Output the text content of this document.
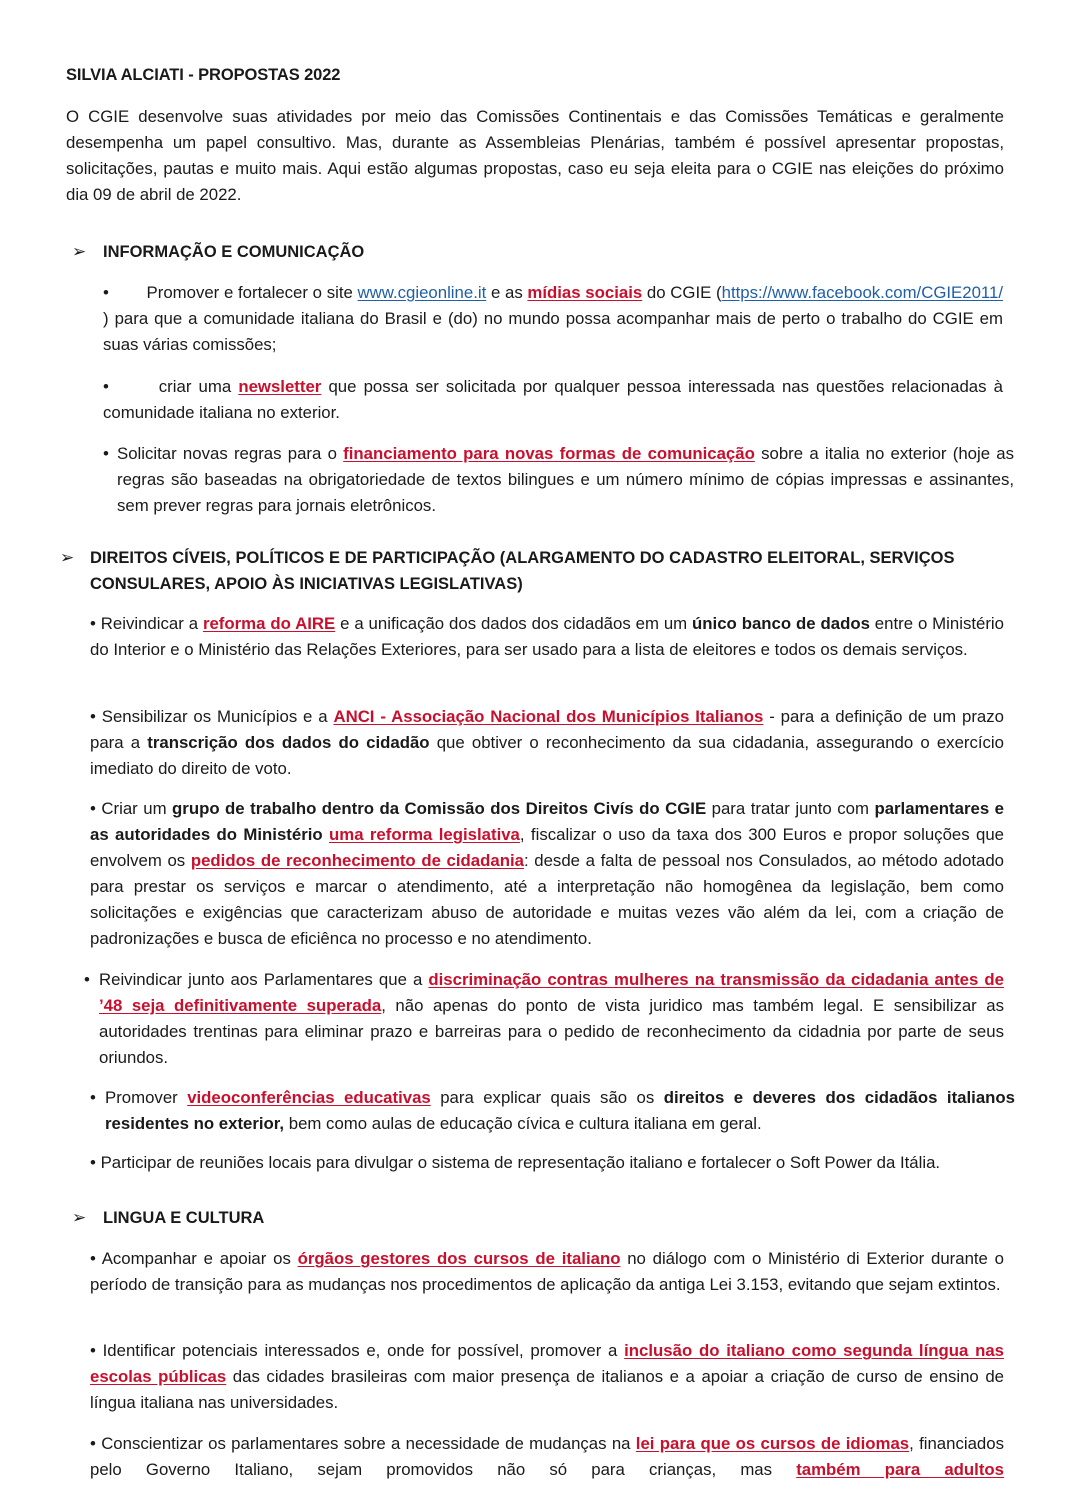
SILVIA ALCIATI - PROPOSTAS 2022
O CGIE desenvolve suas atividades por meio das Comissões Continentais e das Comissões Temáticas e geralmente desempenha um papel consultivo. Mas, durante as Assembleias Plenárias, também é possível apresentar propostas, solicitações, pautas e muito mais. Aqui estão algumas propostas, caso eu seja eleita para o CGIE nas eleições do próximo dia 09 de abril de 2022.
➢ INFORMAÇÃO E COMUNICAÇÃO
• Promover e fortalecer o site www.cgieonline.it e as mídias sociais do CGIE (https://www.facebook.com/CGIE2011/ ) para que a comunidade italiana do Brasil e (do) no mundo possa acompanhar mais de perto o trabalho do CGIE em suas várias comissões;
•	criar uma newsletter que possa ser solicitada por qualquer pessoa interessada nas questões relacionadas à comunidade italiana no exterior.
• Solicitar novas regras para o financiamento para novas formas de comunicação sobre a italia no exterior (hoje as regras são baseadas na obrigatoriedade de textos bilingues e um número mínimo de cópias impressas e assinantes, sem prever regras para jornais eletrônicos.
➢ DIREITOS CÍVEIS, POLÍTICOS E DE PARTICIPAÇÃO (ALARGAMENTO DO CADASTRO ELEITORAL, SERVIÇOS
CONSULARES, APOIO ÀS INICIATIVAS LEGISLATIVAS)
• Reivindicar a reforma do AIRE e a unificação dos dados dos cidadãos em um único banco de dados entre o Ministério do Interior e o Ministério das Relações Exteriores, para ser usado para a lista de eleitores e todos os demais serviços.
• Sensibilizar os Municípios e a ANCI - Associação Nacional dos Municípios Italianos - para a definição de um prazo para a transcrição dos dados do cidadão que obtiver o reconhecimento da sua cidadania, assegurando o exercício imediato do direito de voto.
• Criar um grupo de trabalho dentro da Comissão dos Direitos Civís do CGIE para tratar junto com parlamentares e as autoridades do Ministério uma reforma legislativa, fiscalizar o uso da taxa dos 300 Euros e propor soluções que envolvem os pedidos de reconhecimento de cidadania: desde a falta de pessoal nos Consulados, ao método adotado para prestar os serviços e marcar o atendimento, até a interpretação não homogênea da legislação, bem como solicitações e exigências que caracterizam abuso de autoridade e muitas vezes vão além da lei, com a criação de padronizações e busca de eficiênca no processo e no atendimento.
• Reivindicar junto aos Parlamentares que a discriminação contras mulheres na transmissão da cidadania antes de ’48 seja definitivamente superada, não apenas do ponto de vista juridico mas também legal. E sensibilizar as autoridades trentinas para eliminar prazo e barreiras para o pedido de reconhecimento da cidadnia por parte de seus oriundos.
• Promover videoconferências educativas para explicar quais são os direitos e deveres dos cidadãos italianos residentes no exterior, bem como aulas de educação cívica e cultura italiana em geral.
• Participar de reuniões locais para divulgar o sistema de representação italiano e fortalecer o Soft Power da Itália.
➢ LINGUA E CULTURA
• Acompanhar e apoiar os órgãos gestores dos cursos de italiano no diálogo com o Ministério di Exterior durante o período de transição para as mudanças nos procedimentos de aplicação da antiga Lei 3.153, evitando que sejam extintos.
• Identificar potenciais interessados e, onde for possível, promover a inclusão do italiano como segunda língua nas escolas públicas das cidades brasileiras com maior presença de italianos e a apoiar a criação de curso de ensino de língua italiana nas universidades.
• Conscientizar os parlamentares sobre a necessidade de mudanças na lei para que os cursos de idiomas, financiados pelo Governo Italiano, sejam promovidos não só para crianças, mas também para adultos
